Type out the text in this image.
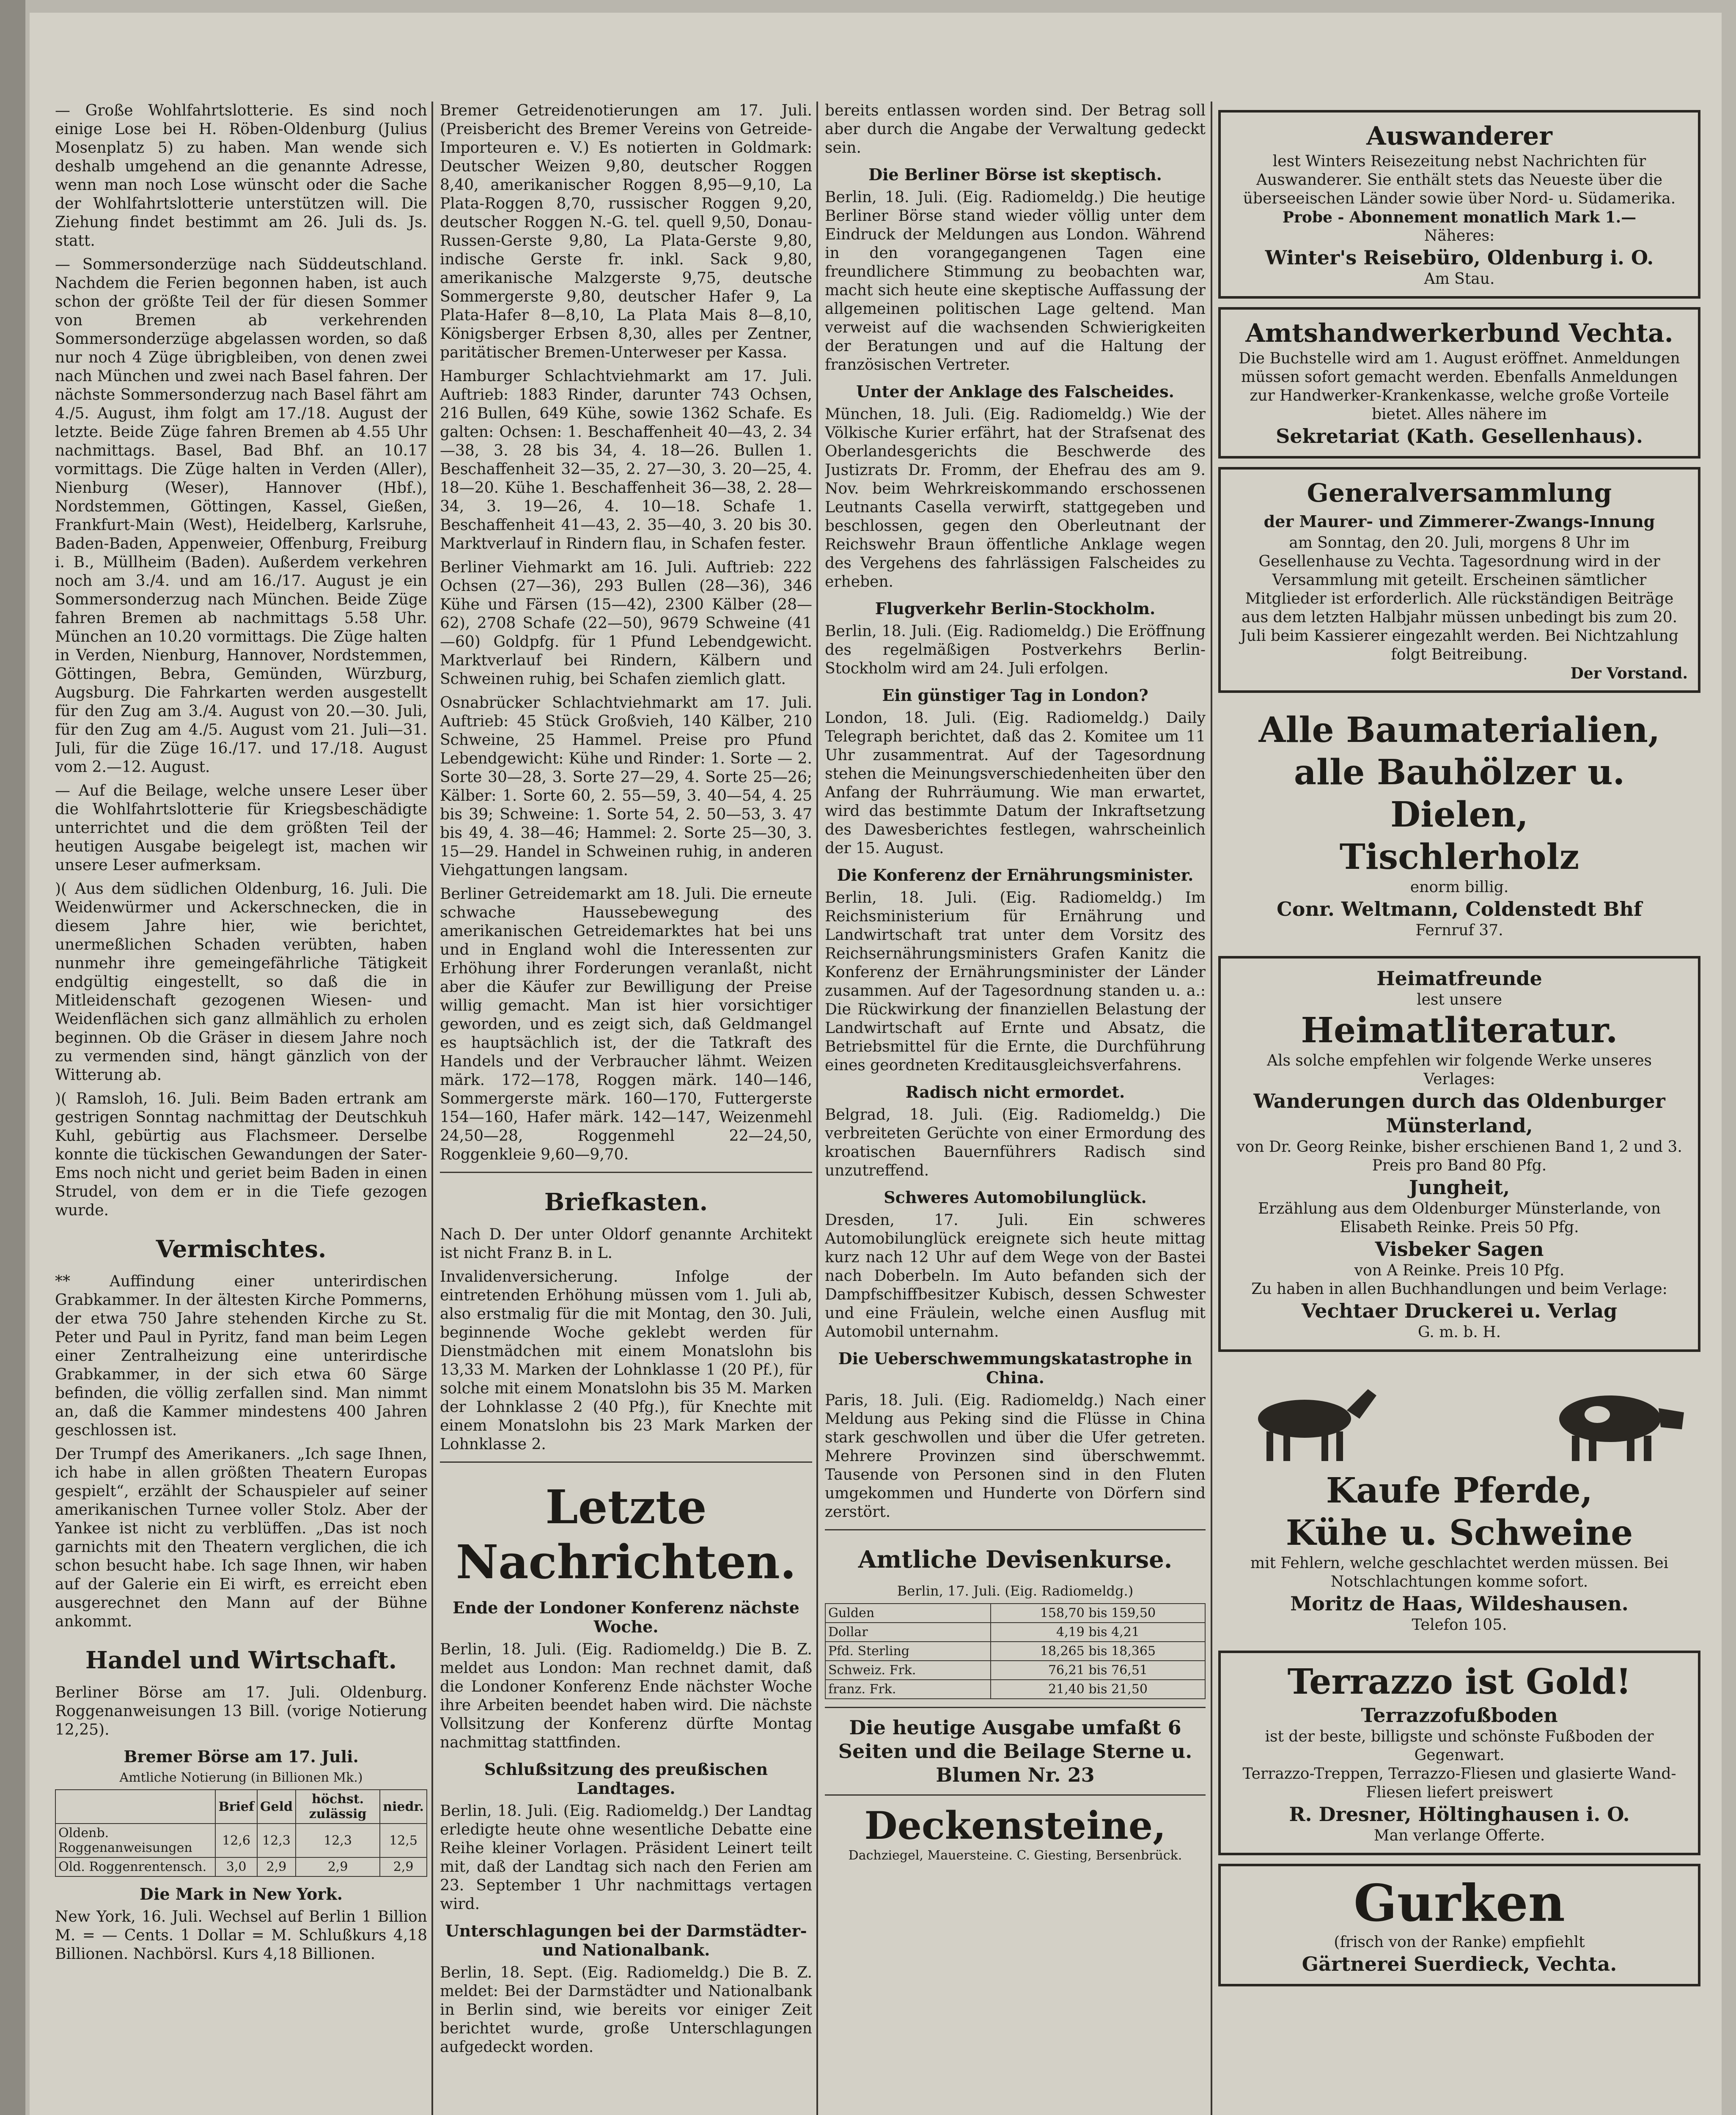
— Große Wohlfahrtslotterie. Es sind noch einige Lose bei H. Röben-Oldenburg (Julius Mosenplatz 5) zu haben. Man wende sich deshalb umgehend an die genannte Adresse, wenn man noch Lose wünscht oder die Sache der Wohlfahrtslotterie unterstützen will. Die Ziehung findet bestimmt am 26. Juli ds. Js. statt.

— Sommersonderzüge nach Süddeutschland. Nachdem die Ferien begonnen haben, ist auch schon der größte Teil der für diesen Sommer von Bremen ab verkehrenden Sommersonderzüge abgelassen worden, so daß nur noch 4 Züge übrigbleiben, von denen zwei nach München und zwei nach Basel fahren. Der nächste Sommersonderzug nach Basel fährt am 4./5. August, ihm folgt am 17./18. August der letzte. Beide Züge fahren Bremen ab 4.55 Uhr nachmittags. Basel, Bad Bhf. an 10.17 vormittags. Die Züge halten in Verden (Aller), Nienburg (Weser), Hannover (Hbf.), Nordstemmen, Göttingen, Kassel, Gießen, Frankfurt-Main (West), Heidelberg, Karlsruhe, Baden-Baden, Appenweier, Offenburg, Freiburg i. B., Müllheim (Baden). Außerdem verkehren noch am 3./4. und am 16./17. August je ein Sommersonderzug nach München. Beide Züge fahren Bremen ab nachmittags 5.58 Uhr. München an 10.20 vormittags. Die Züge halten in Verden, Nienburg, Hannover, Nordstemmen, Göttingen, Bebra, Gemünden, Würzburg, Augsburg. Die Fahrkarten werden ausgestellt für den Zug am 3./4. August von 20.—30. Juli, für den Zug am 4./5. August vom 21. Juli—31. Juli, für die Züge 16./17. und 17./18. August vom 2.—12. August.

— Auf die Beilage, welche unsere Leser über die Wohlfahrtslotterie für Kriegsbeschädigte unterrichtet und die dem größten Teil der heutigen Ausgabe beigelegt ist, machen wir unsere Leser aufmerksam.

)( Aus dem südlichen Oldenburg, 16. Juli. Die Weidenwürmer und Ackerschnecken, die in diesem Jahre hier, wie berichtet, unermeßlichen Schaden verübten, haben nunmehr ihre gemeingefährliche Tätigkeit endgültig eingestellt, so daß die in Mitleidenschaft gezogenen Wiesen- und Weidenflächen sich ganz allmählich zu erholen beginnen. Ob die Gräser in diesem Jahre noch zu vermenden sind, hängt gänzlich von der Witterung ab.

)( Ramsloh, 16. Juli. Beim Baden ertrank am gestrigen Sonntag nachmittag der Deutschkuh Kuhl, gebürtig aus Flachsmeer. Derselbe konnte die tückischen Gewandungen der Sater-Ems noch nicht und geriet beim Baden in einen Strudel, von dem er in die Tiefe gezogen wurde.

Vermischtes.

** Auffindung einer unterirdischen Grabkammer. In der ältesten Kirche Pommerns, der etwa 750 Jahre stehenden Kirche zu St. Peter und Paul in Pyritz, fand man beim Legen einer Zentralheizung eine unterirdische Grabkammer, in der sich etwa 60 Särge befinden, die völlig zerfallen sind. Man nimmt an, daß die Kammer mindestens 400 Jahren geschlossen ist.

Der Trumpf des Amerikaners. „Ich sage Ihnen, ich habe in allen größten Theatern Europas gespielt“, erzählt der Schauspieler auf seiner amerikanischen Turnee voller Stolz. Aber der Yankee ist nicht zu verblüffen. „Das ist noch garnichts mit den Theatern verglichen, die ich schon besucht habe. Ich sage Ihnen, wir haben auf der Galerie ein Ei wirft, es erreicht eben ausgerechnet den Mann auf der Bühne ankommt.

Handel und Wirtschaft.

Berliner Börse am 17. Juli. Oldenburg. Roggenanweisungen 13 Bill. (vorige Notierung 12,25).

Bremer Börse am 17. Juli.
Amtliche Notierung (in Billionen Mk.)
	Brief	Geld	höchst. zulässig	niedr.
Oldenb. Roggenanweisungen	12,6	12,3	12,3	12,5
Old. Roggenrentensch.	3,0	2,9	2,9	2,9
Die Mark in New York.

New York, 16. Juli. Wechsel auf Berlin 1 Billion M. = — Cents. 1 Dollar = M. Schlußkurs 4,18 Billionen. Nachbörsl. Kurs 4,18 Billionen.

Bremer Getreidenotierungen am 17. Juli. (Preisbericht des Bremer Vereins von Getreide-Importeuren e. V.) Es notierten in Goldmark: Deutscher Weizen 9,80, deutscher Roggen 8,40, amerikanischer Roggen 8,95—9,10, La Plata-Roggen 8,70, russischer Roggen 9,20, deutscher Roggen N.-G. tel. quell 9,50, Donau-Russen-Gerste 9,80, La Plata-Gerste 9,80, indische Gerste fr. inkl. Sack 9,80, amerikanische Malzgerste 9,75, deutsche Sommergerste 9,80, deutscher Hafer 9, La Plata-Hafer 8—8,10, La Plata Mais 8—8,10, Königsberger Erbsen 8,30, alles per Zentner, paritätischer Bremen-Unterweser per Kassa.

Hamburger Schlachtviehmarkt am 17. Juli. Auftrieb: 1883 Rinder, darunter 743 Ochsen, 216 Bullen, 649 Kühe, sowie 1362 Schafe. Es galten: Ochsen: 1. Beschaffenheit 40—43, 2. 34—38, 3. 28 bis 34, 4. 18—26. Bullen 1. Beschaffenheit 32—35, 2. 27—30, 3. 20—25, 4. 18—20. Kühe 1. Beschaffenheit 36—38, 2. 28—34, 3. 19—26, 4. 10—18. Schafe 1. Beschaffenheit 41—43, 2. 35—40, 3. 20 bis 30. Marktverlauf in Rindern flau, in Schafen fester.

Berliner Viehmarkt am 16. Juli. Auftrieb: 222 Ochsen (27—36), 293 Bullen (28—36), 346 Kühe und Färsen (15—42), 2300 Kälber (28—62), 2708 Schafe (22—50), 9679 Schweine (41—60) Goldpfg. für 1 Pfund Lebendgewicht. Marktverlauf bei Rindern, Kälbern und Schweinen ruhig, bei Schafen ziemlich glatt.

Osnabrücker Schlachtviehmarkt am 17. Juli. Auftrieb: 45 Stück Großvieh, 140 Kälber, 210 Schweine, 25 Hammel. Preise pro Pfund Lebendgewicht: Kühe und Rinder: 1. Sorte — 2. Sorte 30—28, 3. Sorte 27—29, 4. Sorte 25—26; Kälber: 1. Sorte 60, 2. 55—59, 3. 40—54, 4. 25 bis 39; Schweine: 1. Sorte 54, 2. 50—53, 3. 47 bis 49, 4. 38—46; Hammel: 2. Sorte 25—30, 3. 15—29. Handel in Schweinen ruhig, in anderen Viehgattungen langsam.

Berliner Getreidemarkt am 18. Juli. Die erneute schwache Haussebewegung des amerikanischen Getreidemarktes hat bei uns und in England wohl die Interessenten zur Erhöhung ihrer Forderungen veranlaßt, nicht aber die Käufer zur Bewilligung der Preise willig gemacht. Man ist hier vorsichtiger geworden, und es zeigt sich, daß Geldmangel es hauptsächlich ist, der die Tatkraft des Handels und der Verbraucher lähmt. Weizen märk. 172—178, Roggen märk. 140—146, Sommergerste märk. 160—170, Futtergerste 154—160, Hafer märk. 142—147, Weizenmehl 24,50—28, Roggenmehl 22—24,50, Roggenkleie 9,60—9,70.

Briefkasten.

Nach D. Der unter Oldorf genannte Architekt ist nicht Franz B. in L.

Invalidenversicherung. Infolge der eintretenden Erhöhung müssen vom 1. Juli ab, also erstmalig für die mit Montag, den 30. Juli, beginnende Woche geklebt werden für Dienstmädchen mit einem Monatslohn bis 13,33 M. Marken der Lohnklasse 1 (20 Pf.), für solche mit einem Monatslohn bis 35 M. Marken der Lohnklasse 2 (40 Pfg.), für Knechte mit einem Monatslohn bis 23 Mark Marken der Lohnklasse 2.

Letzte Nachrichten.
Ende der Londoner Konferenz nächste Woche.

Berlin, 18. Juli. (Eig. Radiomeldg.) Die B. Z. meldet aus London: Man rechnet damit, daß die Londoner Konferenz Ende nächster Woche ihre Arbeiten beendet haben wird. Die nächste Vollsitzung der Konferenz dürfte Montag nachmittag stattfinden.

Schlußsitzung des preußischen Landtages.

Berlin, 18. Juli. (Eig. Radiomeldg.) Der Landtag erledigte heute ohne wesentliche Debatte eine Reihe kleiner Vorlagen. Präsident Leinert teilt mit, daß der Landtag sich nach den Ferien am 23. September 1 Uhr nachmittags vertagen wird.

Unterschlagungen bei der Darmstädter- und Nationalbank.

Berlin, 18. Sept. (Eig. Radiomeldg.) Die B. Z. meldet: Bei der Darmstädter und Nationalbank in Berlin sind, wie bereits vor einiger Zeit berichtet wurde, große Unterschlagungen aufgedeckt worden.

bereits entlassen worden sind. Der Betrag soll aber durch die Angabe der Verwaltung gedeckt sein.

Die Berliner Börse ist skeptisch.

Berlin, 18. Juli. (Eig. Radiomeldg.) Die heutige Berliner Börse stand wieder völlig unter dem Eindruck der Meldungen aus London. Während in den vorangegangenen Tagen eine freundlichere Stimmung zu beobachten war, macht sich heute eine skeptische Auffassung der allgemeinen politischen Lage geltend. Man verweist auf die wachsenden Schwierigkeiten der Beratungen und auf die Haltung der französischen Vertreter.

Unter der Anklage des Falscheides.

München, 18. Juli. (Eig. Radiomeldg.) Wie der Völkische Kurier erfährt, hat der Strafsenat des Oberlandesgerichts die Beschwerde des Justizrats Dr. Fromm, der Ehefrau des am 9. Nov. beim Wehrkreiskommando erschossenen Leutnants Casella verwirft, stattgegeben und beschlossen, gegen den Oberleutnant der Reichswehr Braun öffentliche Anklage wegen des Vergehens des fahrlässigen Falscheides zu erheben.

Flugverkehr Berlin-Stockholm.

Berlin, 18. Juli. (Eig. Radiomeldg.) Die Eröffnung des regelmäßigen Postverkehrs Berlin-Stockholm wird am 24. Juli erfolgen.

Ein günstiger Tag in London?

London, 18. Juli. (Eig. Radiomeldg.) Daily Telegraph berichtet, daß das 2. Komitee um 11 Uhr zusammentrat. Auf der Tagesordnung stehen die Meinungsverschiedenheiten über den Anfang der Ruhrräumung. Wie man erwartet, wird das bestimmte Datum der Inkraftsetzung des Dawesberichtes festlegen, wahrscheinlich der 15. August.

Die Konferenz der Ernährungsminister.

Berlin, 18. Juli. (Eig. Radiomeldg.) Im Reichsministerium für Ernährung und Landwirtschaft trat unter dem Vorsitz des Reichsernährungsministers Grafen Kanitz die Konferenz der Ernährungsminister der Länder zusammen. Auf der Tagesordnung standen u. a.: Die Rückwirkung der finanziellen Belastung der Landwirtschaft auf Ernte und Absatz, die Betriebsmittel für die Ernte, die Durchführung eines geordneten Kreditausgleichsverfahrens.

Radisch nicht ermordet.

Belgrad, 18. Juli. (Eig. Radiomeldg.) Die verbreiteten Gerüchte von einer Ermordung des kroatischen Bauernführers Radisch sind unzutreffend.

Schweres Automobilunglück.

Dresden, 17. Juli. Ein schweres Automobilunglück ereignete sich heute mittag kurz nach 12 Uhr auf dem Wege von der Bastei nach Doberbeln. Im Auto befanden sich der Dampfschiffbesitzer Kubisch, dessen Schwester und eine Fräulein, welche einen Ausflug mit Automobil unternahm.

Die Ueberschwemmungskatastrophe in China.

Paris, 18. Juli. (Eig. Radiomeldg.) Nach einer Meldung aus Peking sind die Flüsse in China stark geschwollen und über die Ufer getreten. Mehrere Provinzen sind überschwemmt. Tausende von Personen sind in den Fluten umgekommen und Hunderte von Dörfern sind zerstört.

Amtliche Devisenkurse.
Berlin, 17. Juli. (Eig. Radiomeldg.)
Gulden	158,70 bis 159,50
Dollar	4,19 bis 4,21
Pfd. Sterling	18,265 bis 18,365
Schweiz. Frk.	76,21 bis 76,51
franz. Frk.	21,40 bis 21,50
Die heutige Ausgabe umfaßt 6 Seiten und die Beilage Sterne u. Blumen Nr. 23
Deckensteine,
Dachziegel, Mauersteine. C. Giesting, Bersenbrück.
Auswanderer
lest Winters Reisezeitung nebst Nachrichten für Auswanderer. Sie enthält stets das Neueste über die überseeischen Länder sowie über Nord- u. Südamerika.
Probe - Abonnement monatlich Mark 1.—
Näheres:
Winter's Reisebüro, Oldenburg i. O.
Am Stau.
Amtshandwerkerbund Vechta.
Die Buchstelle wird am 1. August eröffnet. Anmeldungen müssen sofort gemacht werden. Ebenfalls Anmeldungen zur Handwerker-Krankenkasse, welche große Vorteile bietet. Alles nähere im
Sekretariat (Kath. Gesellenhaus).
Generalversammlung
der Maurer- und Zimmerer-Zwangs-Innung
am Sonntag, den 20. Juli, morgens 8 Uhr im Gesellenhause zu Vechta. Tagesordnung wird in der Versammlung mit geteilt. Erscheinen sämtlicher Mitglieder ist erforderlich. Alle rückständigen Beiträge aus dem letzten Halbjahr müssen unbedingt bis zum 20. Juli beim Kassierer eingezahlt werden. Bei Nichtzahlung folgt Beitreibung.
Der Vorstand.
Alle Baumaterialien,
alle Bauhölzer u. Dielen,
Tischlerholz
enorm billig.
Conr. Weltmann, Coldenstedt Bhf
Fernruf 37.
Heimatfreunde
lest unsere
Heimatliteratur.
Als solche empfehlen wir folgende Werke unseres Verlages:
Wanderungen durch das Oldenburger Münsterland,
von Dr. Georg Reinke, bisher erschienen Band 1, 2 und 3. Preis pro Band 80 Pfg.
Jungheit,
Erzählung aus dem Oldenburger Münsterlande, von Elisabeth Reinke. Preis 50 Pfg.
Visbeker Sagen
von A Reinke. Preis 10 Pfg.
Zu haben in allen Buchhandlungen und beim Verlage:
Vechtaer Druckerei u. Verlag
G. m. b. H.
Kaufe Pferde,
Kühe u. Schweine
mit Fehlern, welche geschlachtet werden müssen. Bei Notschlachtungen komme sofort.
Moritz de Haas, Wildeshausen.
Telefon 105.
Terrazzo ist Gold!
Terrazzofußboden
ist der beste, billigste und schönste Fußboden der Gegenwart.
Terrazzo-Treppen, Terrazzo-Fliesen und glasierte Wand-Fliesen liefert preiswert
R. Dresner, Höltinghausen i. O.
Man verlange Offerte.
Gurken
(frisch von der Ranke) empfiehlt
Gärtnerei Suerdieck, Vechta.
